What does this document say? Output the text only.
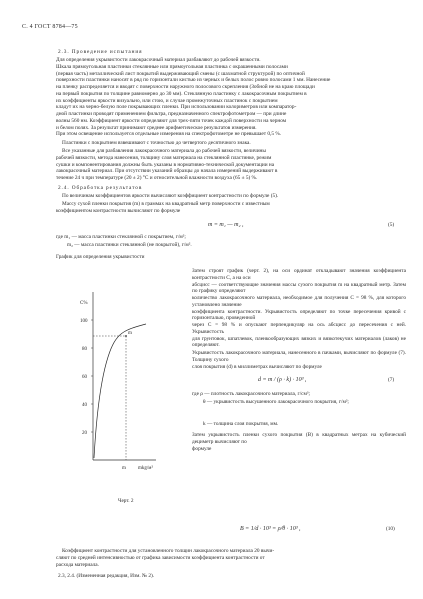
С. 4 ГОСТ 8784—75
2.3. Проведение испытания
Для определения укрывистости лакокрасочный материал разбавляют до рабочей вязкости.
Шкала прямоугольная пластинки стеклянные или прямоугольная пластинка с окрашенными полосами
(первая часть) металлический лист покрытий выдерживающий смены (с шахматной структурой) по оптичной
поверхности пластинки наносят в ряд по горизонтали кистью из черных и белых полос ровно полосами 1 мм. Нанесение
на пленку распределяется и вводят с поверхности наружного полосового скрепления (Зобной не на краю площади
на первый покрытия по толщине равномерно до 30 мм). Стеклянную пластинку с лакокрасочным покрытием в
их коэффициенты яркости визуально, или стою, и случае промежуточных пластинок с покрытием
кладут их на черно-белую поле покрывающих пленки. При использовании колориметров или компаратор-
дной пластинки проводят применением фильтра, предназначенного спектрофотометром — при длине
волны 560 нм. Коэффициент яркости определяют для трех-пяти точек каждой поверхности на черном
и белом полях. За результат принимают среднее арифметическое результатов измерения.
При этом освещение используется отдельные измерения на спектрофотометре не превышает 0,5 %.
Пластинки с покрытием взвешивают с точностью до четвертого десятичного знака.
Все указанные для разбавления лакокрасочного материала до рабочей вязкости, величины
рабочей вязкости, метода нанесения, толщину слоя материала на стеклянной пластинке, режим
сушки и компонентирования должны быть указаны в нормативно-технической документации на
лакокрасочный материал. При отсутствии указаний образцы до начала измерений выдерживают в
течение 24 ч при температуре (20 ± 2) °С и относительной влажности воздуха (65 ± 5) %.
2.4. Обработка результатов
По величинам коэффициентов яркости вычисляют коэффициент контрастности по формуле (5).
Массу сухой пленки покрытия (m) в граммах на квадратный метр поверхности с известным
коэффициентом контрастности вычисляют по формуле
m = m₁ — m₂ ,	(5)
где m₁ — масса пластинки стеклянной с покрытием, г/м²;
m₂ — масса пластинки стеклянной (не покрытой), г/м².
График для определения укрывистости
C%
100
80
60
40
20
m
m mkg/м²
Черт. 2
Затем строят график (черт. 2), на оси ординат откладывают значения коэффициента контрастности C, а на оси
абсцисс — соответствующие значения массы сухого покрытия m на квадратный метр. Затем по графику определяют
количество лакокрасочного материала, необходимое для получения C = 98 %, для которого установлено значение
коэффициента контрастности. Укрывистость определяют по точке пересечения кривой с горизонталью, проведенной
через C = 98 % и опускают перпендикуляр на ось абсцисс до пересечения с ней. Укрывистость
для грунтовок, шпатлевок, пленкообразующих вязких и вязкотекучих материалов (лаков) не определяют.
Укрывистость лакокрасочного материала, нанесенного в пачками, вычисляют по формуле (7). Толщину сухого
слоя покрытия (d) в миллиметрах вычисляют по формуле
d = m / (ρ · k) · 10³ ,	(7)
где ρ — плотность лакокрасочного материала, г/см³;
θ — укрывистость высушенного лакокрасочного покрытия, г/м²;
k — толщина слоя покрытия, мм.
Затем укрывистость пленки сухого покрытия (В) в квадратных метрах на кубический дециметр вычисляют по
формуле
B = 1/d · 10³ = ρ/θ · 10³ ,	(10)
Коэффициент контрастности для установленного толщин лакокрасочного материала 20 вычи-
сляют по средней интенсивностью от графика зависимости коэффициента контрастности от
расхода материала.
2.3, 2.4. (Измененная редакция, Изм. № 2).
